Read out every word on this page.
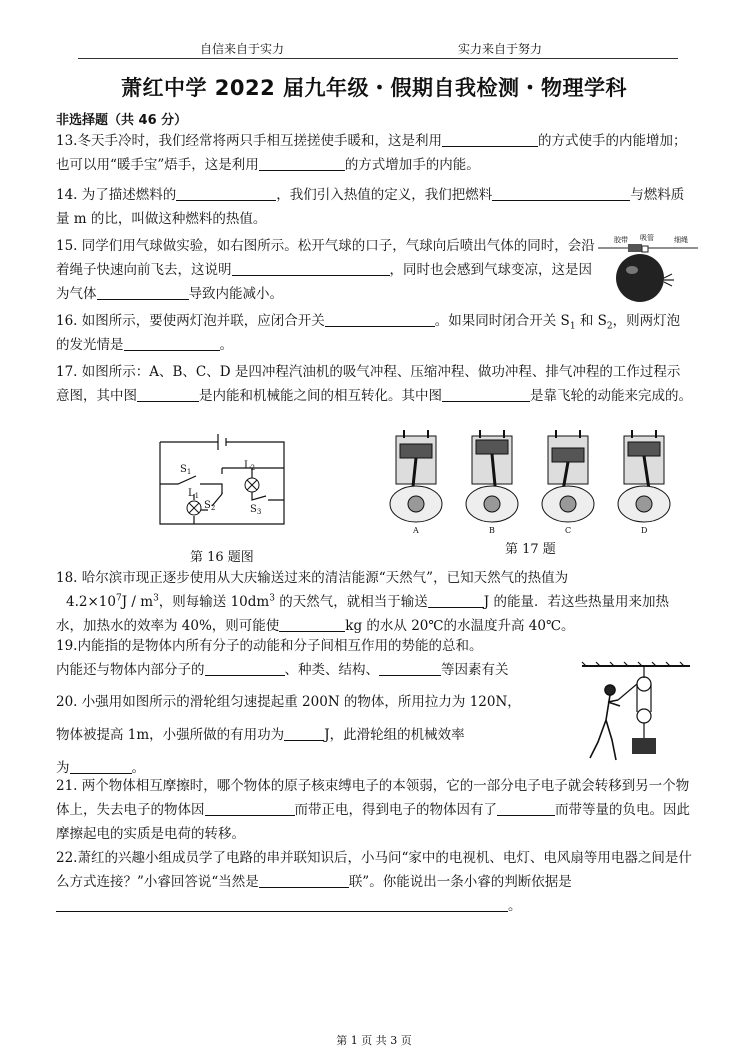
自信来自于实力	实力来自于努力
萧红中学 2022 届九年级・假期自我检测・物理学科
非选择题（共 46 分）
13.冬天手冷时，我们经常将两只手相互搓搓使手暖和，这是利用	的方式使手的内能增加；也可以用“暖手宝”焐手，这是利用	的方式增加手的内能。
14. 为了描述燃料的	，我们引入热值的定义，我们把燃料	与燃料质量 m 的比，叫做这种燃料的热值。
15. 同学们用气球做实验，如右图所示。松开气球的口子，气球向后喷出气体的同时，会沿着绳子快速向前飞去，这说明	，同时也会感到气球变凉，这是因为气体	导致内能减小。
胶带 吸管	细绳
16. 如图所示，要使两灯泡并联，应闭合开关	。如果同时闭合开关 $S_1$ 和 $S_2$，则两灯泡的发光情是	。
17. 如图所示：A、B、C、D 是四冲程汽油机的吸气冲程、压缩冲程、做功冲程、排气冲程的工作过程示意图，其中图	是内能和机械能之间的相互转化。其中图	是靠飞轮的动能来完成的。
$S_1$
$L_2$
$S_2$
$L_1$
$S_3$
A	B	C	D
第 16 题图
第 17 题
18. 哈尔滨市现正逐步使用从大庆输送过来的清洁能源“天然气”，已知天然气的热值为
$4.2\times 10^7J / m^3$，则每输送 $10dm^3$ 的天然气，就相当于输送	J 的能量．若这些热量用来加热水，加热水的效率为 40%，则可能使	kg 的水从 20℃的水温度升高 40℃。
19.内能指的是物体内所有分子的动能和分子间相互作用的势能的总和。
内能还与物体内部分子的	、种类、结构、	等因素有关
20. 小强用如图所示的滑轮组匀速提起重 200N 的物体，所用拉力为 120N，
物体被提高 1m，小强所做的有用功为	J，此滑轮组的机械效率
为	。
21. 两个物体相互摩擦时，哪个物体的原子核束缚电子的本领弱，它的一部分电子电子就会转移到另一个物体上，失去电子的物体因	而带正电，得到电子的物体因有了	而带等量的负电。因此摩擦起电的实质是电荷的转移。
22.萧红的兴趣小组成员学了电路的串并联知识后，小马问“家中的电视机、电灯、电风扇等用电器之间是什么方式连接？”小睿回答说“当然是	联”。你能说出一条小睿的判断依据是。
第 1 页 共 3 页
